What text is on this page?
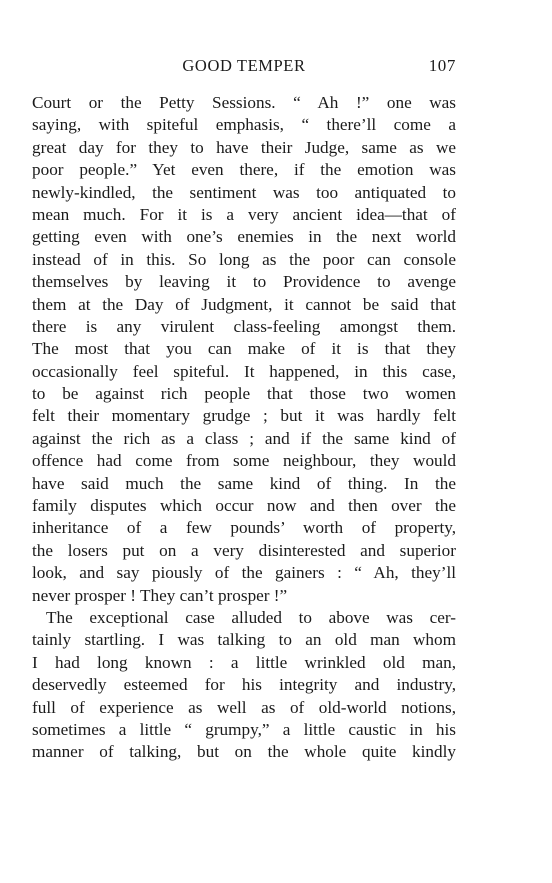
GOOD TEMPER	107
Court or the Petty Sessions. “ Ah !” one was
saying, with spiteful emphasis, “ there’ll come a
great day for they to have their Judge, same as we
poor people.” Yet even there, if the emotion was
newly-kindled, the sentiment was too antiquated to
mean much. For it is a very ancient idea—that of
getting even with one’s enemies in the next world
instead of in this. So long as the poor can console
themselves by leaving it to Providence to avenge
them at the Day of Judgment, it cannot be said that
there is any virulent class-feeling amongst them.
The most that you can make of it is that they
occasionally feel spiteful. It happened, in this case,
to be against rich people that those two women
felt their momentary grudge ; but it was hardly felt
against the rich as a class ; and if the same kind of
offence had come from some neighbour, they would
have said much the same kind of thing. In the
family disputes which occur now and then over the
inheritance of a few pounds’ worth of property,
the losers put on a very disinterested and superior
look, and say piously of the gainers : “ Ah, they’ll
never prosper ! They can’t prosper !”
The exceptional case alluded to above was cer-
tainly startling. I was talking to an old man whom
I had long known : a little wrinkled old man,
deservedly esteemed for his integrity and industry,
full of experience as well as of old-world notions,
sometimes a little “ grumpy,” a little caustic in his
manner of talking, but on the whole quite kindly
